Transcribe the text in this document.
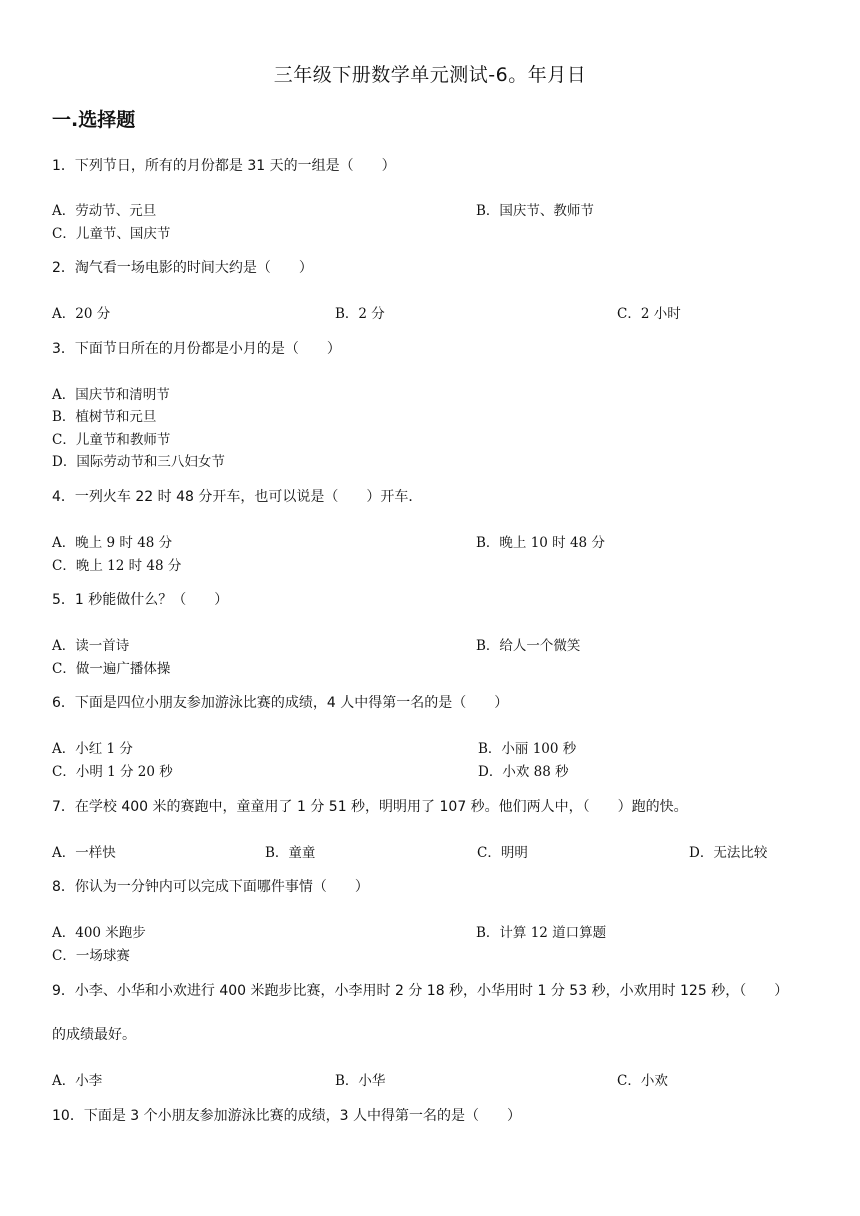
三年级下册数学单元测试-6。年月日
一.选择题
1．下列节日，所有的月份都是 31 天的一组是（　　）
A．劳动节、元旦	B．国庆节、教师节
C．儿童节、国庆节
2．淘气看一场电影的时间大约是（　　）
A．20 分	B．2 分	C．2 小时
3．下面节日所在的月份都是小月的是（　　）
A．国庆节和清明节
B．植树节和元旦
C．儿童节和教师节
D．国际劳动节和三八妇女节
4．一列火车 22 时 48 分开车，也可以说是（　　）开车．
A．晚上 9 时 48 分	B．晚上 10 时 48 分
C．晚上 12 时 48 分
5．1 秒能做什么？（　　）
A．读一首诗	B．给人一个微笑
C．做一遍广播体操
6．下面是四位小朋友参加游泳比赛的成绩，4 人中得第一名的是（　　）
A．小红 1 分	B．小丽 100 秒
C．小明 1 分 20 秒	D．小欢 88 秒
7．在学校 400 米的赛跑中，童童用了 1 分 51 秒，明明用了 107 秒。他们两人中，（　　）跑的快。
A．一样快	B．童童	C．明明	D．无法比较
8．你认为一分钟内可以完成下面哪件事情（　　）
A．400 米跑步	B．计算 12 道口算题
C．一场球赛
9．小李、小华和小欢进行 400 米跑步比赛，小李用时 2 分 18 秒，小华用时 1 分 53 秒，小欢用时 125 秒，（　　）
的成绩最好。
A．小李	B．小华	C．小欢
10．下面是 3 个小朋友参加游泳比赛的成绩，3 人中得第一名的是（　　）
